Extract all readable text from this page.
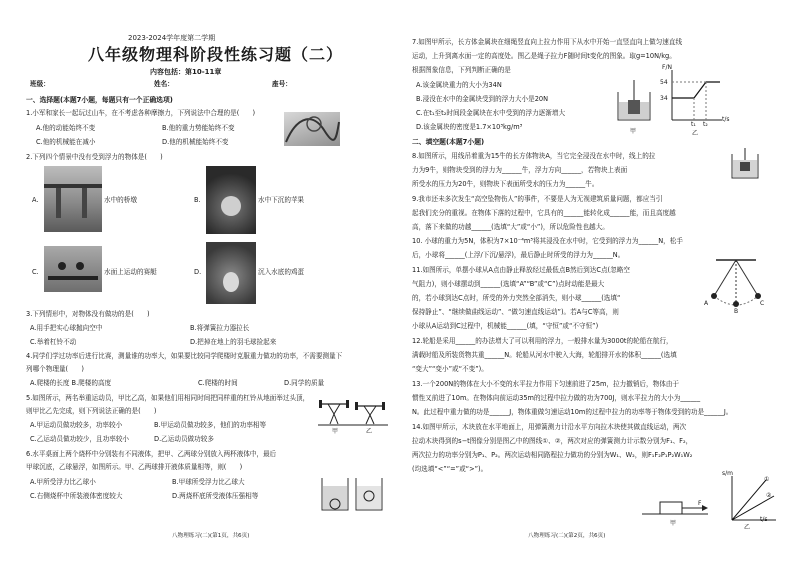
2023-2024学年度第二学期
八年级物理科阶段性练习题（二）
内容包括：第10-11章
班级：	姓名：	座号：
一、选择题(本题7小题，每题只有一个正确选项)
1.小军和家长一起玩过山车，在不考虑各种摩擦力，下列说法中合理的是(　　)
A.他的动能始终不变	B.他的重力势能始终不变
C.他的机械能在减小	D.他的机械能始终不变
2.下列四个情景中没有受到浮力的物体是(　　)
A.	水中的桥墩	B.	水中下沉的苹果
C.	水面上运动的赛艇	D.	沉入水底的鸡蛋
3.下列情形中，对物体没有做功的是(　　)
A.用手把实心球抛向空中	B.将弹簧拉力器拉长
C.举着杠铃不动	D.把掉在地上的羽毛球捡起来
4.同学们学过功率后进行比赛，测量谁的功率大，如果要比较同学爬楼时克服重力做功的功率，不需要测量下
列哪个物理量(　　)
A.爬楼的长度 B.爬楼的高度	C.爬楼的时间	D.同学的质量
5.如图所示，两名举重运动员，甲比乙高，如果他们用相同时间把同样重的杠铃从地面举过头顶，
则甲比乙先完成，则下列说法正确的是(　　)
A.甲运动员做功较多，功率较小	B.甲运动员做功较多，他们的功率相等
C.乙运动员做功较少，且功率较小	D.乙运动员做功较多
甲	乙
6.水平桌面上两个烧杯中分别装有不同液体，把甲、乙两球分别放入两杯液体中，最后
甲球沉底，乙球悬浮，如图所示。甲、乙两球排开液体质量相等，则(　　)
A.甲所受浮力比乙球小	B.甲球所受浮力比乙球大
C.右侧烧杯中所装液体密度较大	D.两烧杯底所受液体压强相等
八物理练习(二)(第1页，共6页)
7.如图甲所示，长方体金属块在细绳竖直向上拉力作用下从水中开始一直竖直向上做匀速直线
运动，上升到离水面一定的高度处。图乙是绳子拉力F随时间t变化的图象。取g=10N/kg。
根据图象信息，下列判断正确的是
A.该金属块重力的大小为34N
B.浸没在水中的金属块受到的浮力大小是20N
C.在t₁至t₂时间段金属块在水中受到的浮力逐渐增大
D.该金属块的密度是1.7×10³kg/m³
甲
F/N
54
34
t₁ t₂
t/s
乙
二、填空题(本题7小题)
8.如图所示，用线吊着重为15牛的长方体物块A，当它完全浸没在水中时，线上的拉
力为9牛，则物块受到的浮力为______牛，浮力方向______，若物块上表面
所受水的压力为20牛，则物块下表面所受水的压力为______牛。
9.我市还未多次发生“高空坠物伤人”的事件，不要是人为无视建筑质量问题，都应当引
起我们充分的重视。在物体下落的过程中，它具有的______能转化成______能，而且高度越
高，落下来做的功越______(选填“大”或“小”)，所以危险性也越大。
10. 小球的重力为5N，体积为7×10⁻⁴m³将其浸没在水中时，它受到的浮力为______N，松手
后，小球将______(上浮/下沉/悬浮)，最后静止时所受的浮力为______N。
11.如图所示，单摆小球从A点由静止释放经过最低点B然后到达C点(忽略空
气阻力)，则小球摆动到______(选填“A”“B”或“C”)点时动能是最大
的，若小球到达C点时，所受的外力突然全部消失，则小球______(选填“
保持静止”、“继续做曲线运动”、“做匀速直线运动”)。若A与C等高，则
小球从A运动到C过程中，机械能______(填，“守恒”或“不守恒”)
A
B
C
12.轮船是采用______的办法增大了可以利用的浮力，一般排水量为3000t的轮船在航行，
满载时船及所装货物共重______N。轮船从河水中驶入大海，轮船排开水的体积______(选填
“变大”“变小”或“不变”)。
13.一个200N的物体在大小不变的水平拉力作用下匀速前进了25m，拉力撤销后，物体由于
惯性又前进了10m。在物体向前运动35m的过程中拉力做的功为700J，则水平拉力的大小为______
N。此过程中重力做的功是______J，物体重做匀速运动10m的过程中拉力的功率等于物体受到的功是______J。
14.如图甲所示，木块放在水平地面上，用弹簧测力计沿水平方向拉木块使其做直线运动，两次
拉动木块得到的s−t图像分别是图乙中的图线①、②，两次对应的弹簧测力计示数分别为F₁、F₂，
两次拉力的功率分别为P₁、P₂。两次运动相同路程拉力做功的分别为W₁、W₂，则F₁F₂P₁P₂W₁W₂
(均选填“<”“=”或“>”)。
F
甲
s/m
①
②
t/s
乙
八物理练习(二)(第2页，共6页)
